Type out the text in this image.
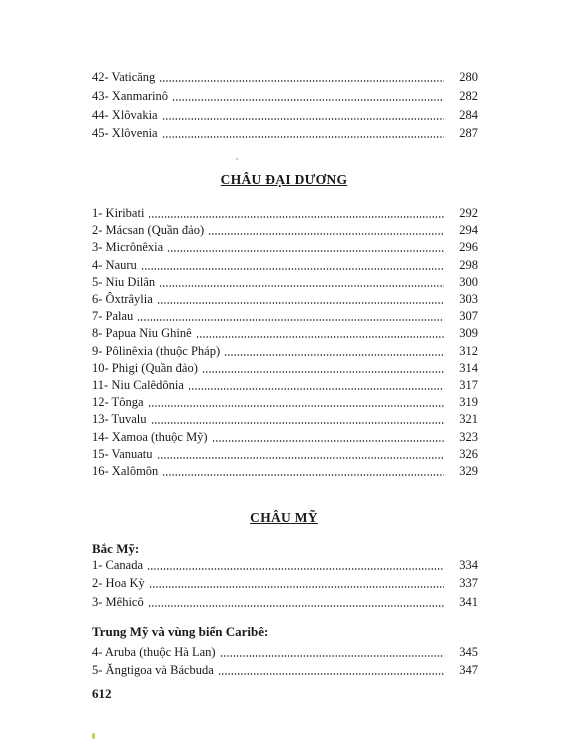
42- Vaticăng	280
43- Xanmarinô	282
44- Xlôvakia	284
45- Xlôvenia	287
CHÂU ĐẠI DƯƠNG
1- Kiribati	292
2- Mácsan (Quần đảo)	294
3- Micrônêxia	296
4- Nauru	298
5- Niu Dilân	300
6- Ôxtrâylia	303
7- Palau	307
8- Papua Niu Ghinê	309
9- Pôlinêxia (thuộc Pháp)	312
10- Phigi (Quần đảo)	314
11- Niu Calêdônia	317
12- Tônga	319
13- Tuvalu	321
14- Xamoa (thuộc Mỹ)	323
15- Vanuatu	326
16- Xalômôn	329
CHÂU MỸ
Bắc Mỹ:
1- Canada	334
2- Hoa Kỳ	337
3- Mêhicô	341
Trung Mỹ và vùng biển Caribê:
4- Aruba (thuộc Hà Lan)	345
5- Ăngtigoa và Bácbuda	347
612
